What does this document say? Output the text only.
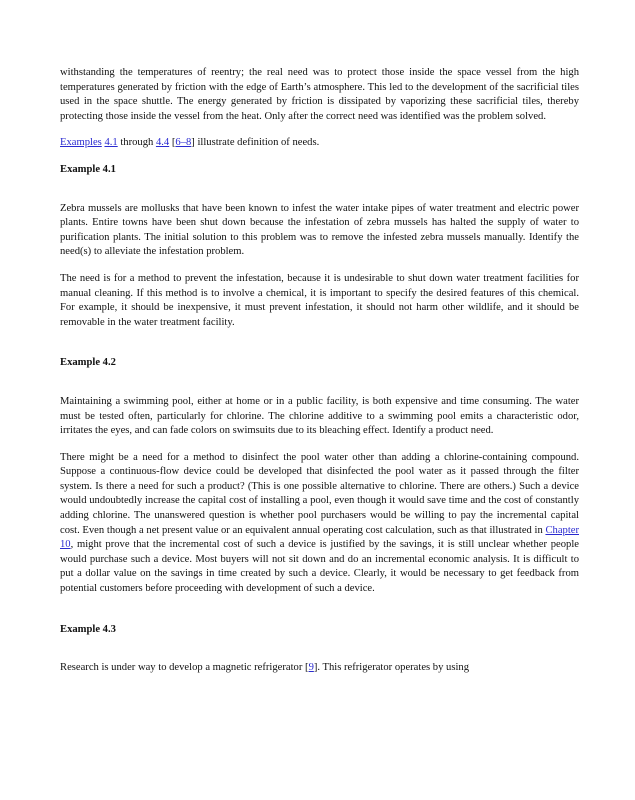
withstanding the temperatures of reentry; the real need was to protect those inside the space vessel from the high temperatures generated by friction with the edge of Earth’s atmosphere. This led to the development of the sacrificial tiles used in the space shuttle. The energy generated by friction is dissipated by vaporizing these sacrificial tiles, thereby protecting those inside the vessel from the heat. Only after the correct need was identified was the problem solved.

Examples 4.1 through 4.4 [6–8] illustrate definition of needs.

Example 4.1

Zebra mussels are mollusks that have been known to infest the water intake pipes of water treatment and electric power plants. Entire towns have been shut down because the infestation of zebra mussels has halted the supply of water to purification plants. The initial solution to this problem was to remove the infested zebra mussels manually. Identify the need(s) to alleviate the infestation problem.

The need is for a method to prevent the infestation, because it is undesirable to shut down water treatment facilities for manual cleaning. If this method is to involve a chemical, it is important to specify the desired features of this chemical. For example, it should be inexpensive, it must prevent infestation, it should not harm other wildlife, and it should be removable in the water treatment facility.

Example 4.2

Maintaining a swimming pool, either at home or in a public facility, is both expensive and time consuming. The water must be tested often, particularly for chlorine. The chlorine additive to a swimming pool emits a characteristic odor, irritates the eyes, and can fade colors on swimsuits due to its bleaching effect. Identify a product need.

There might be a need for a method to disinfect the pool water other than adding a chlorine-containing compound. Suppose a continuous-flow device could be developed that disinfected the pool water as it passed through the filter system. Is there a need for such a product? (This is one possible alternative to chlorine. There are others.) Such a device would undoubtedly increase the capital cost of installing a pool, even though it would save time and the cost of constantly adding chlorine. The unanswered question is whether pool purchasers would be willing to pay the incremental capital cost. Even though a net present value or an equivalent annual operating cost calculation, such as that illustrated in Chapter 10, might prove that the incremental cost of such a device is justified by the savings, it is still unclear whether people would purchase such a device. Most buyers will not sit down and do an incremental economic analysis. It is difficult to put a dollar value on the savings in time created by such a device. Clearly, it would be necessary to get feedback from potential customers before proceeding with development of such a device.

Example 4.3

Research is under way to develop a magnetic refrigerator [9]. This refrigerator operates by using
